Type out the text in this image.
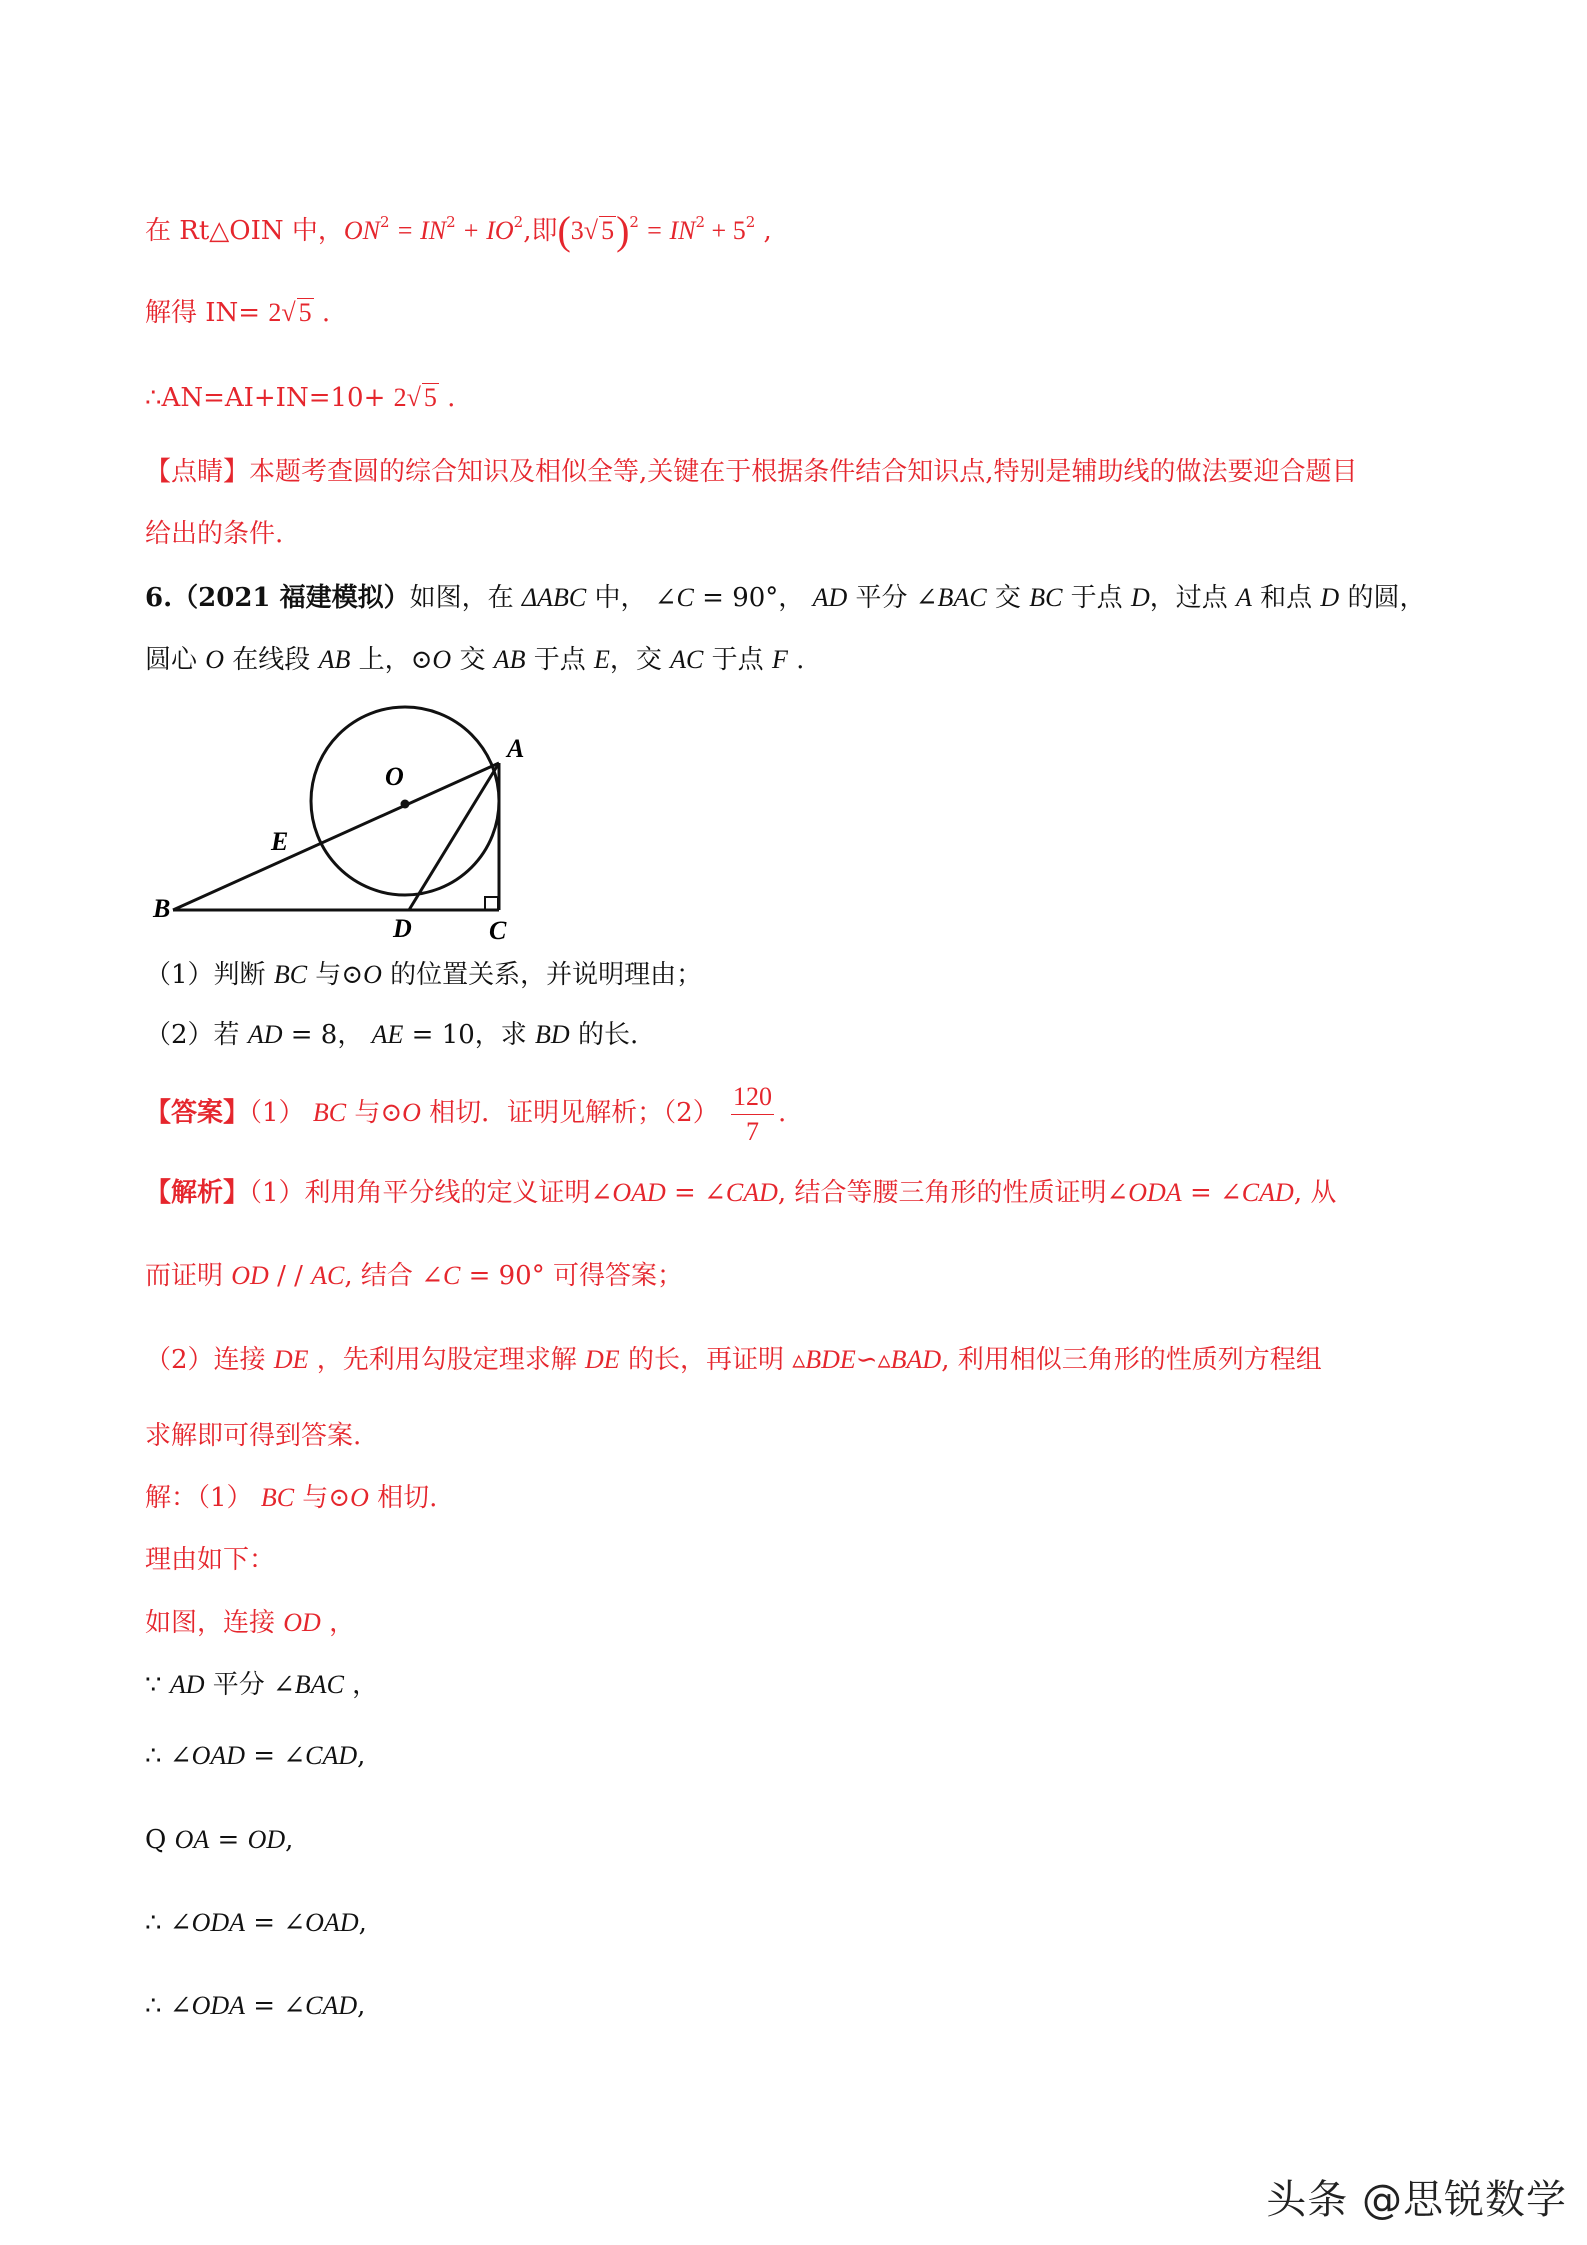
在 Rt△OIN 中，$ON^2 = IN^2 + IO^2$,即(3√ $5)^2 = IN^2 + 5^2$ ,
解得 IN= 2√ 5 .
∴AN=AI+IN=10+ 2√ 5 .
【点睛】本题考查圆的综合知识及相似全等,关键在于根据条件结合知识点,特别是辅助线的做法要迎合题目
给出的条件.
6.（2021 福建模拟）如图，在 ΔABC 中， ∠C = 90°， AD 平分 ∠BAC 交 BC 于点 D，过点 A 和点 D 的圆，
圆心 O 在线段 AB 上，⊙O 交 AB 于点 E，交 AC 于点 F .
O
A
E
B
D	C
（1）判断 BC 与⊙O 的位置关系，并说明理由；
（2）若 AD = 8， AE = 10，求 BD 的长.
【答案】（1） BC 与⊙O 相切．证明见解析；$(2) \frac{120}{7}$ .
【解析】（1）利用角平分线的定义证明∠OAD = ∠CAD, 结合等腰三角形的性质证明∠ODA = ∠CAD, 从
而证明 OD / / AC, 结合 ∠C = 90° 可得答案；
（2）连接 DE ，先利用勾股定理求解 DE 的长，再证明 ▵BDE∽▵BAD, 利用相似三角形的性质列方程组
求解即可得到答案.
解：（1） BC 与⊙O 相切.
理由如下：
如图，连接 OD ，
∵ AD 平分 ∠BAC ，
∴ ∠OAD = ∠CAD,
Q OA = OD,
∴ ∠ODA = ∠OAD,
∴ ∠ODA = ∠CAD,
头条 @思锐数学
